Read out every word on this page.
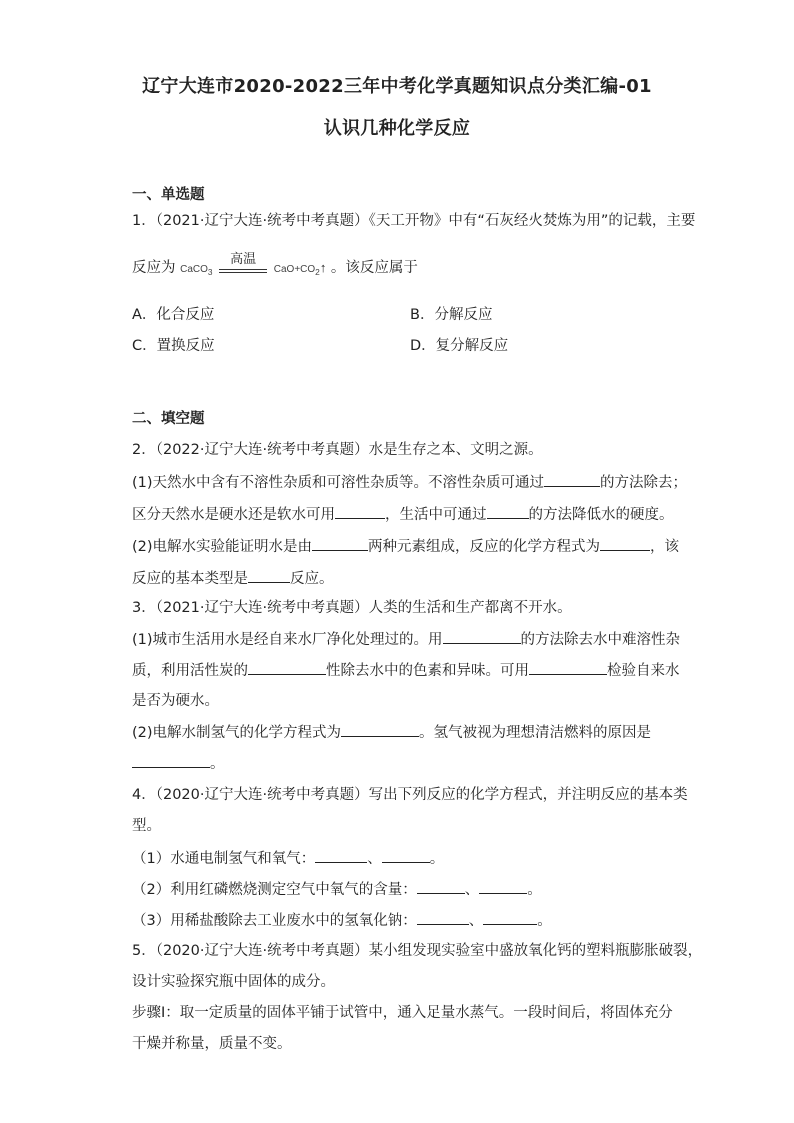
辽宁大连市2020-2022三年中考化学真题知识点分类汇编-01
认识几种化学反应
一、单选题
1．（2021·辽宁大连·统考中考真题）《天工开物》中有“石灰经火焚炼为用”的记载，主要
反应为 CaCO$_3$
高温
$CaO+CO_2↑$ 。该反应属于
A．化合反应	B．分解反应
C．置换反应	D．复分解反应
二、填空题
2．（2022·辽宁大连·统考中考真题）水是生存之本、文明之源。
(1)天然水中含有不溶性杂质和可溶性杂质等。不溶性杂质可通过	的方法除去；
区分天然水是硬水还是软水可用	，生活中可通过	的方法降低水的硬度。
(2)电解水实验能证明水是由	两种元素组成，反应的化学方程式为	，该
反应的基本类型是	反应。
3．（2021·辽宁大连·统考中考真题）人类的生活和生产都离不开水。
(1)城市生活用水是经自来水厂净化处理过的。用	的方法除去水中难溶性杂
质，利用活性炭的	性除去水中的色素和异味。可用	检验自来水
是否为硬水。
(2)电解水制氢气的化学方程式为	。氢气被视为理想清洁燃料的原因是
。
4．（2020·辽宁大连·统考中考真题）写出下列反应的化学方程式，并注明反应的基本类
型。
（1）水通电制氢气和氧气：	、	。
（2）利用红磷燃烧测定空气中氧气的含量：	、	。
（3）用稀盐酸除去工业废水中的氢氧化钠：	、	。
5．（2020·辽宁大连·统考中考真题）某小组发现实验室中盛放氧化钙的塑料瓶膨胀破裂，
设计实验探究瓶中固体的成分。
步骤Ⅰ：取一定质量的固体平铺于试管中，通入足量水蒸气。一段时间后，将固体充分
干燥并称量，质量不变。
